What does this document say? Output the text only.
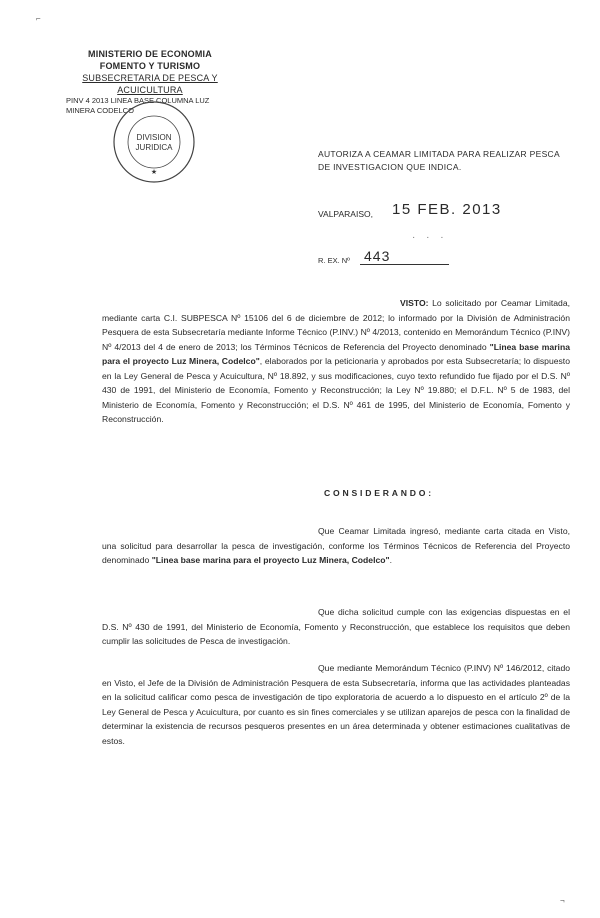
MINISTERIO DE ECONOMIA
FOMENTO Y TURISMO
SUBSECRETARIA DE PESCA Y ACUICULTURA
PINV 4 2013 LINEA BASE COLUMNA LUZ
MINERA CODELCO
DIVISION
JURIDICA
★
AUTORIZA A CEAMAR LIMITADA PARA REALIZAR PESCA DE INVESTIGACION QUE INDICA.
VALPARAISO, 15 FEB. 2013
· · ·
R. EX. Nº 443
VISTO: Lo solicitado por Ceamar Limitada, mediante carta C.I. SUBPESCA Nº 15106 del 6 de diciembre de 2012; lo informado por la División de Administración Pesquera de esta Subsecretaría mediante Informe Técnico (P.INV.) Nº 4/2013, contenido en Memorándum Técnico (P.INV) Nº 4/2013 del 4 de enero de 2013; los Términos Técnicos de Referencia del Proyecto denominado "Linea base marina para el proyecto Luz Minera, Codelco", elaborados por la peticionaria y aprobados por esta Subsecretaría; lo dispuesto en la Ley General de Pesca y Acuicultura, Nº 18.892, y sus modificaciones, cuyo texto refundido fue fijado por el D.S. Nº 430 de 1991, del Ministerio de Economía, Fomento y Reconstrucción; la Ley Nº 19.880; el D.F.L. Nº 5 de 1983, del Ministerio de Economía, Fomento y Reconstrucción; el D.S. Nº 461 de 1995, del Ministerio de Economía, Fomento y Reconstrucción.
CONSIDERANDO:
Que Ceamar Limitada ingresó, mediante carta citada en Visto, una solicitud para desarrollar la pesca de investigación, conforme los Términos Técnicos de Referencia del Proyecto denominado "Linea base marina para el proyecto Luz Minera, Codelco".
Que dicha solicitud cumple con las exigencias dispuestas en el D.S. Nº 430 de 1991, del Ministerio de Economía, Fomento y Reconstrucción, que establece los requisitos que deben cumplir las solicitudes de Pesca de investigación.
Que mediante Memorándum Técnico (P.INV) Nº 146/2012, citado en Visto, el Jefe de la División de Administración Pesquera de esta Subsecretaría, informa que las actividades planteadas en la solicitud calificar como pesca de investigación de tipo exploratoria de acuerdo a lo dispuesto en el artículo 2º de la Ley General de Pesca y Acuicultura, por cuanto es sin fines comerciales y se utilizan aparejos de pesca con la finalidad de determinar la existencia de recursos pesqueros presentes en un área determinada y obtener estimaciones cualitativas de estos.
⌐
¬
